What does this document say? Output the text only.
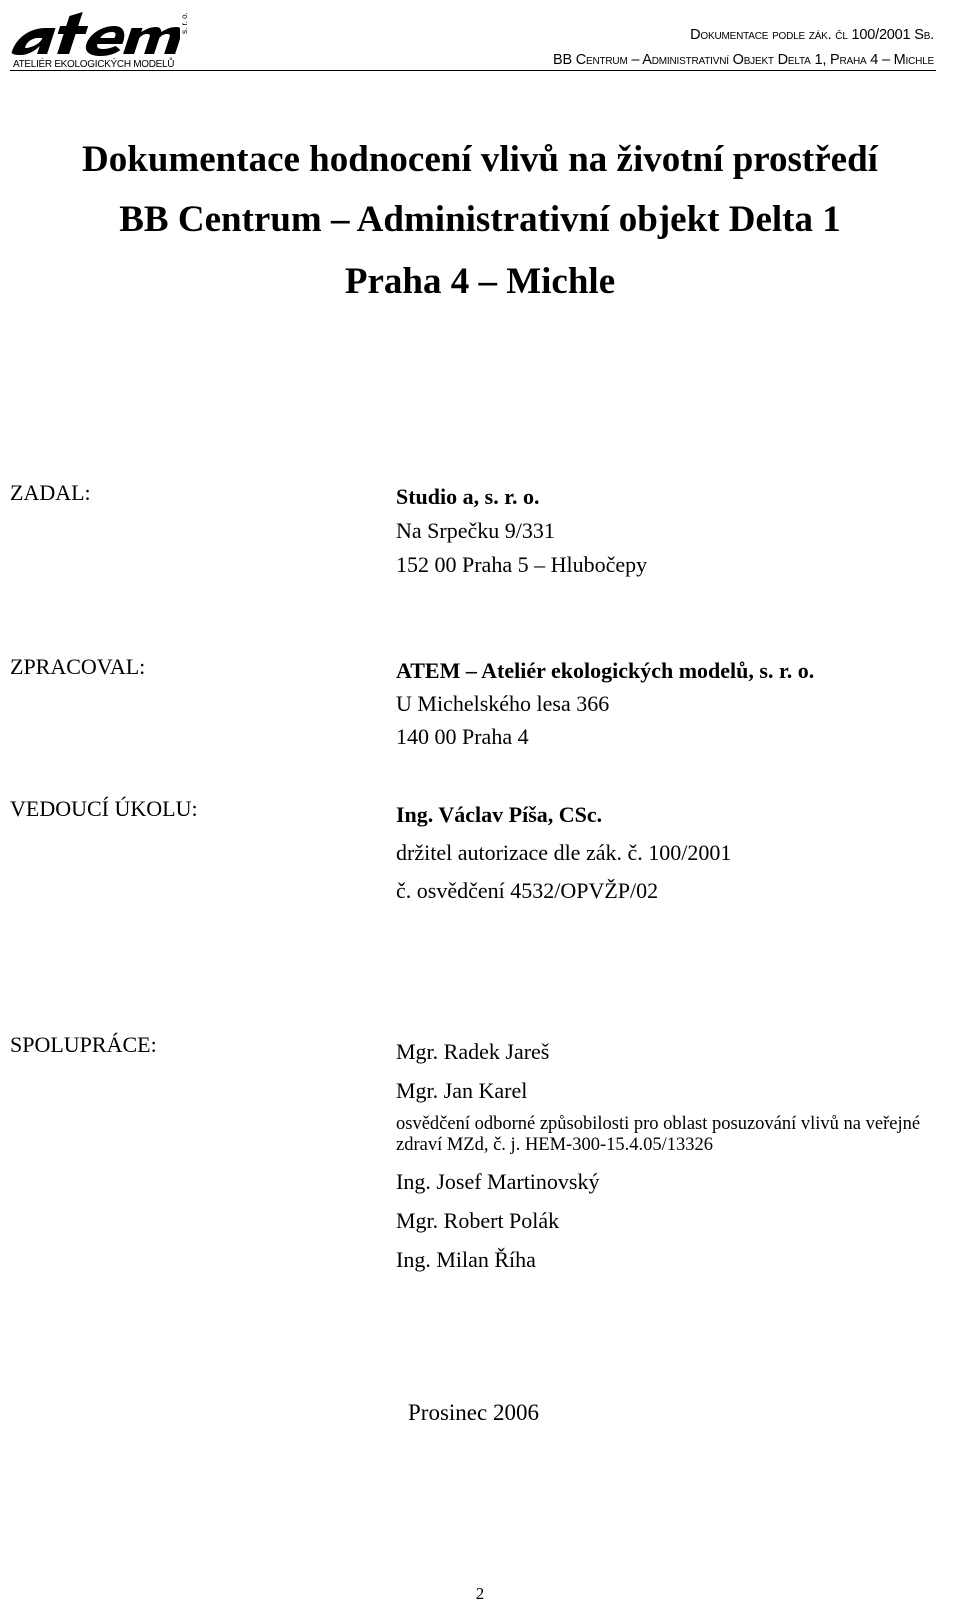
ATELIÉR EKOLOGICKÝCH MODELŮ
s. r. o.
Dokumentace podle zák. čl 100/2001 Sb.
BB Centrum – Administrativní Objekt Delta 1, Praha 4 – Michle
Dokumentace hodnocení vlivů na životní prostředí
BB Centrum – Administrativní objekt Delta 1
Praha 4 – Michle
ZADAL:	Studio a, s. r. o.
Na Srpečku 9/331
152 00 Praha 5 – Hlubočepy
ZPRACOVAL:	ATEM – Ateliér ekologických modelů, s. r. o.
U Michelského lesa 366
140 00 Praha 4
VEDOUCÍ ÚKOLU:	Ing. Václav Píša, CSc.
držitel autorizace dle zák. č. 100/2001
č. osvědčení 4532/OPVŽP/02
SPOLUPRÁCE:	Mgr. Radek Jareš
Mgr. Jan Karel
osvědčení odborné způsobilosti pro oblast posuzování vlivů na veřejné zdraví MZd, č. j. HEM-300-15.4.05/13326
Ing. Josef Martinovský
Mgr. Robert Polák
Ing. Milan Říha
Prosinec 2006
2
